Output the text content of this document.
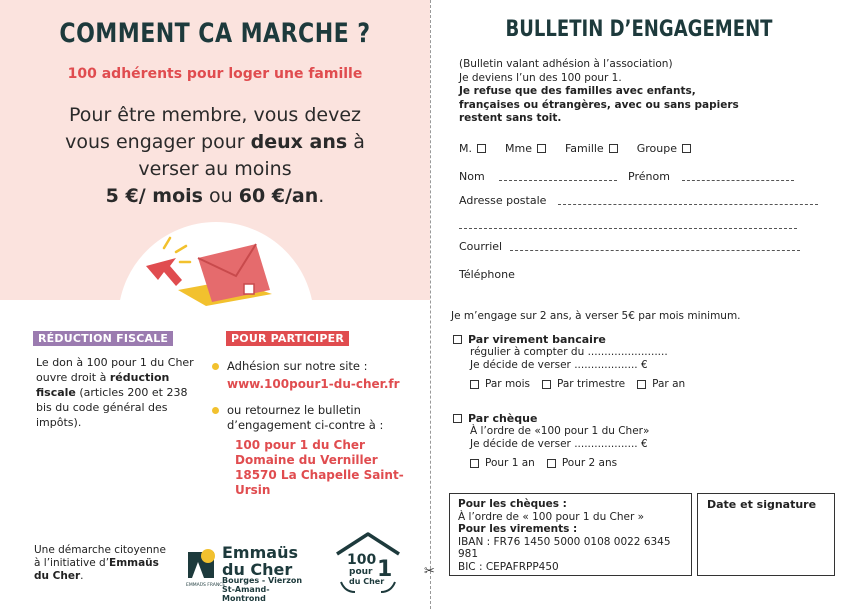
COMMENT CA MARCHE ?
100 adhérents pour loger une famille
Pour être membre, vous devez vous engager pour deux ans à verser au moins
5 €/ mois ou 60 €/an.
RÉDUCTION FISCALE
Le don à 100 pour 1 du Cher ouvre droit à réduction fiscale (articles 200 et 238 bis du code général des impôts).
POUR PARTICIPER
Adhésion sur notre site :
www.100pour1-du-cher.fr
ou retournez le bulletin d’engagement ci-contre à :
100 pour 1 du Cher
Domaine du Verniller
18570 La Chapelle Saint-Ursin
Une démarche citoyenne à l’initiative d’Emmaüs du Cher.
EMMAÜS FRANCE
Emmaüs
du Cher
Bourges - Vierzon
St-Amand-Montrond
100
pour 1
du Cher
✂
BULLETIN D’ENGAGEMENT
(Bulletin valant adhésion à l’association)
Je deviens l’un des 100 pour 1.
Je refuse que des familles avec enfants, françaises ou étrangères, avec ou sans papiers restent sans toit.
M.	Mme	Famille	Groupe
Nom	Prénom
Adresse postale
Courriel
Téléphone
Je m’engage sur 2 ans, à verser 5€ par mois minimum.
Par virement bancaire
régulier à compter du ........................
Je décide de verser ................... €
Par mois	Par trimestre	Par an
Par chèque
À l’ordre de «100 pour 1 du Cher»
Je décide de verser ................... €
Pour 1 an	Pour 2 ans
Pour les chèques :
À l’ordre de « 100 pour 1 du Cher »
Pour les virements :
IBAN : FR76 1450 5000 0108 0022 6345 981
BIC : CEPAFRPP450
Date et signature
